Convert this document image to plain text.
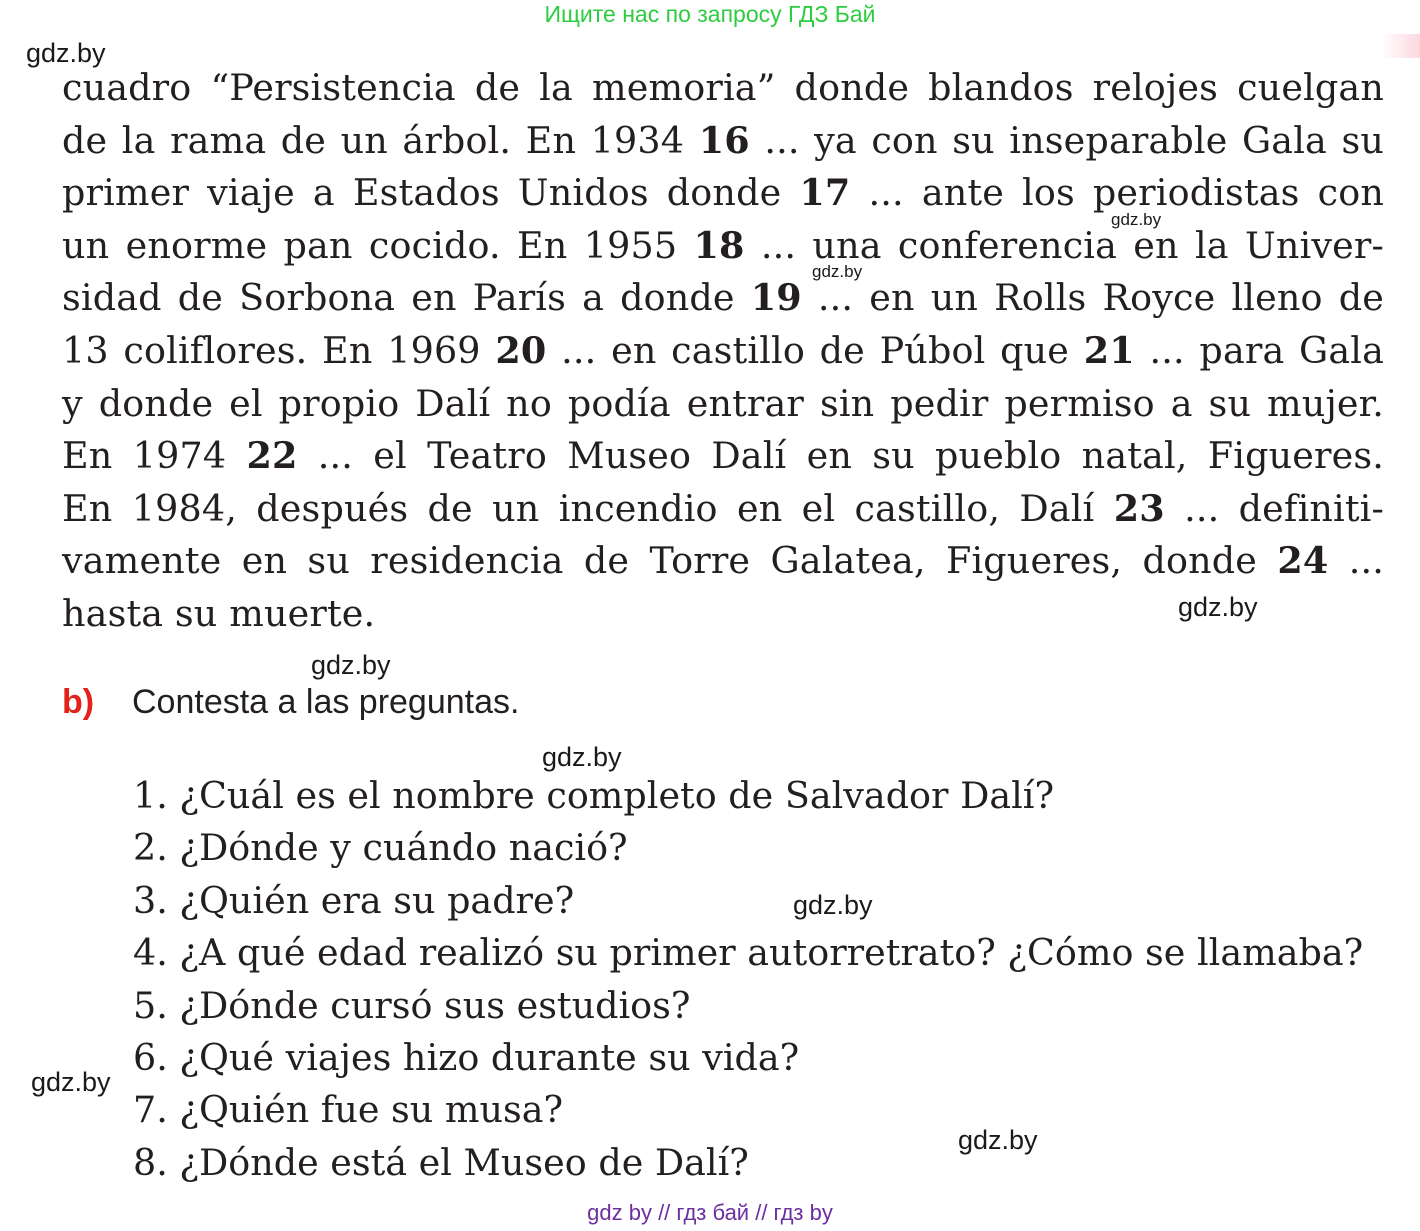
Ищите нас по запросу ГДЗ Бай
gdz.by
gdz.by
gdz.by
gdz.by
gdz.by
gdz.by
gdz.by
gdz.by
gdz.by
cuadro “Persistencia de la memoria” donde blandos relojes cuelgan
de la rama de un árbol. En 1934 16 ... ya con su inseparable Gala su
primer viaje a Estados Unidos donde 17 ... ante los periodistas con
un enorme pan cocido. En 1955 18 ... una conferencia en la Univer-
sidad de Sorbona en París a donde 19 ... en un Rolls Royce lleno de
13 coliflores. En 1969 20 ... en castillo de Púbol que 21 ... para Gala
y donde el propio Dalí no podía entrar sin pedir permiso a su mujer.
En 1974 22 ... el Teatro Museo Dalí en su pueblo natal, Figueres.
En 1984, después de un incendio en el castillo, Dalí 23 ... definiti-
vamente en su residencia de Torre Galatea, Figueres, donde 24 ...
hasta su muerte.
b) Contesta a las preguntas.
1. ¿Cuál es el nombre completo de Salvador Dalí?
2. ¿Dónde y cuándo nació?
3. ¿Quién era su padre?
4. ¿A qué edad realizó su primer autorretrato? ¿Cómo se llamaba?
5. ¿Dónde cursó sus estudios?
6. ¿Qué viajes hizo durante su vida?
7. ¿Quién fue su musa?
8. ¿Dónde está el Museo de Dalí?
gdz by // гдз бай // гдз by
